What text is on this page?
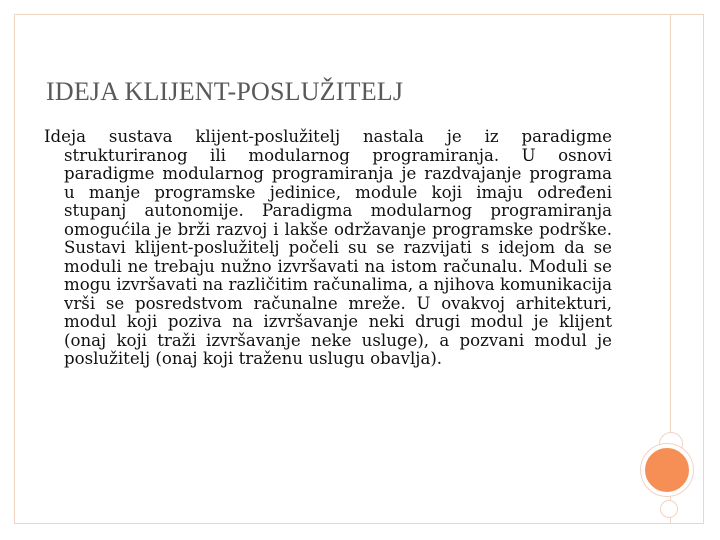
IDEJA KLIJENT-POSLUŽITELJ
Ideja sustava klijent-poslužitelj nastala je iz paradigme strukturiranog ili modularnog programiranja. U osnovi paradigme modularnog programiranja je razdvajanje programa u manje programske jedinice, module koji imaju određeni stupanj autonomije. Paradigma modularnog programiranja omogućila je brži razvoj i lakše održavanje programske podrške. Sustavi klijent-poslužitelj počeli su se razvijati s idejom da se moduli ne trebaju nužno izvršavati na istom računalu. Moduli se mogu izvršavati na različitim računalima, a njihova komunikacija vrši se posredstvom računalne mreže. U ovakvoj arhitekturi, modul koji poziva na izvršavanje neki drugi modul je klijent (onaj koji traži izvršavanje neke usluge), a pozvani modul je poslužitelj (onaj koji traženu uslugu obavlja).
